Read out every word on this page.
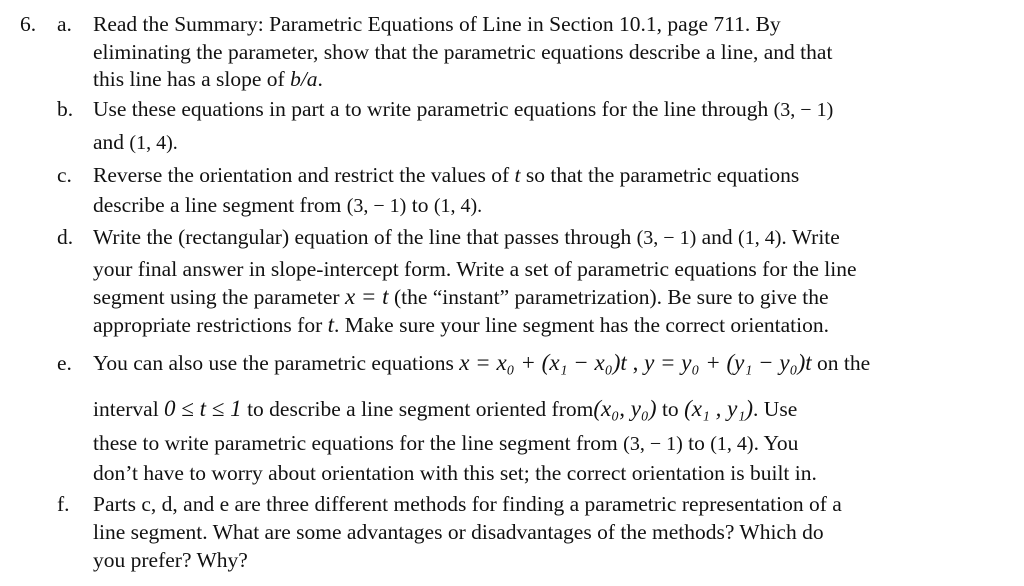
6. a. Read the Summary: Parametric Equations of Line in Section 10.1, page 711. By
eliminating the parameter, show that the parametric equations describe a line, and that
this line has a slope of b/a.
b. Use these equations in part a to write parametric equations for the line through (3, − 1)
and (1, 4).
c. Reverse the orientation and restrict the values of t so that the parametric equations
describe a line segment from (3, − 1) to (1, 4).
d. Write the (rectangular) equation of the line that passes through (3, − 1) and (1, 4). Write
your final answer in slope-intercept form. Write a set of parametric equations for the line
segment using the parameter x = t (the “instant” parametrization). Be sure to give the
appropriate restrictions for t. Make sure your line segment has the correct orientation.
e. You can also use the parametric equations x = x₀ + (x₁ − x₀)t , y = y₀ + (y₁ − y₀)t on the
interval 0 ≤ t ≤ 1 to describe a line segment oriented from(x₀, y₀) to (x₁ , y₁). Use
these to write parametric equations for the line segment from (3, − 1) to (1, 4). You
don’t have to worry about orientation with this set; the correct orientation is built in.
f. Parts c, d, and e are three different methods for finding a parametric representation of a
line segment. What are some advantages or disadvantages of the methods? Which do
you prefer? Why?
